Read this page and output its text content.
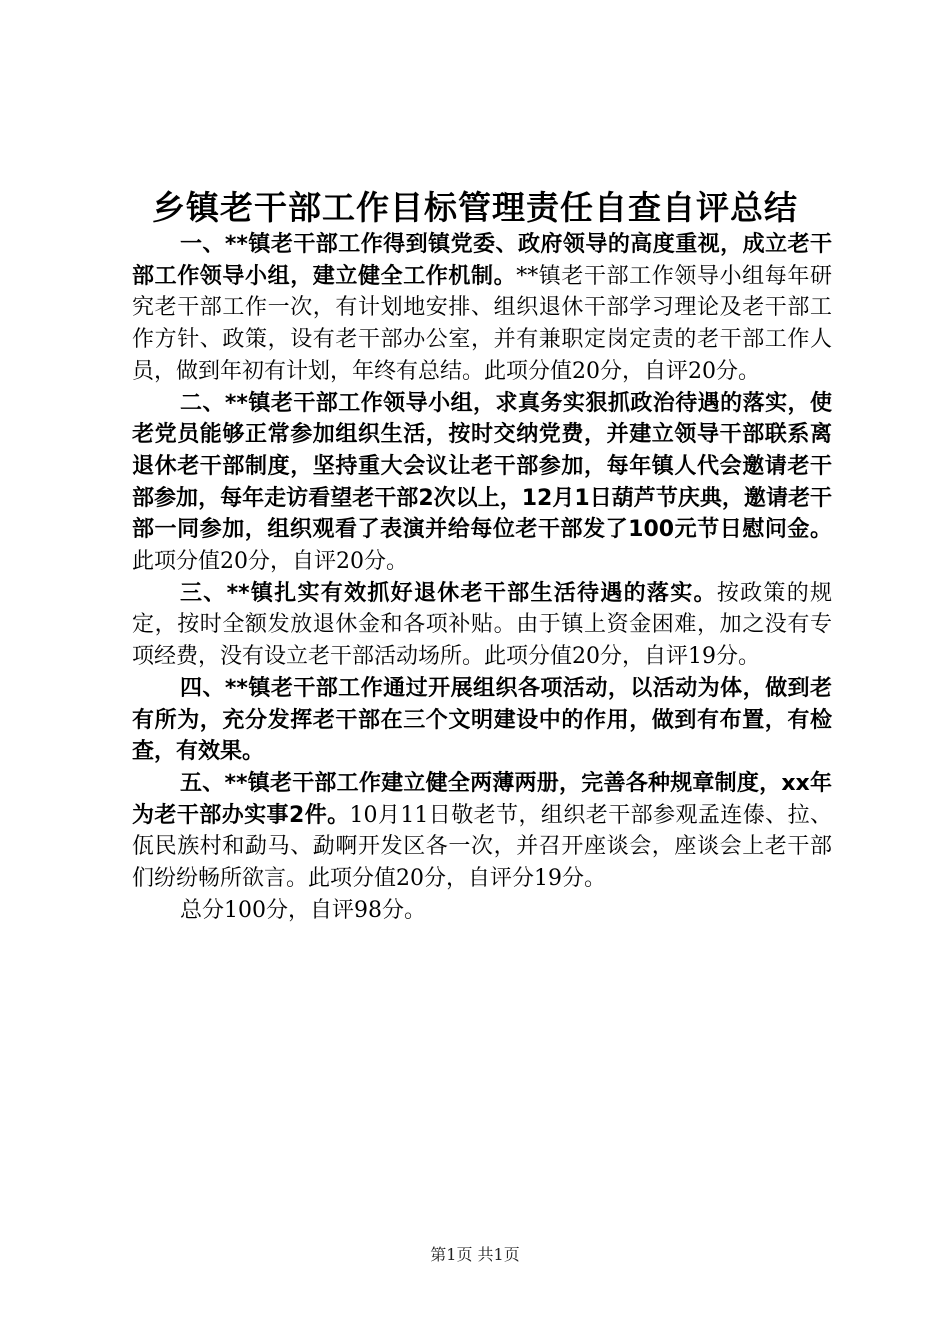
乡镇老干部工作目标管理责任自查自评总结

一、**镇老干部工作得到镇党委、政府领导的高度重视，成立老干部工作领导小组，建立健全工作机制。**镇老干部工作领导小组每年研究老干部工作一次，有计划地安排、组织退休干部学习理论及老干部工作方针、政策，设有老干部办公室，并有兼职定岗定责的老干部工作人员，做到年初有计划，年终有总结。此项分值20分，自评20分。

二、**镇老干部工作领导小组，求真务实狠抓政治待遇的落实，使老党员能够正常参加组织生活，按时交纳党费，并建立领导干部联系离退休老干部制度，坚持重大会议让老干部参加，每年镇人代会邀请老干部参加，每年走访看望老干部2次以上，12月1日葫芦节庆典，邀请老干部一同参加，组织观看了表演并给每位老干部发了100元节日慰问金。此项分值20分，自评20分。

三、**镇扎实有效抓好退休老干部生活待遇的落实。按政策的规定，按时全额发放退休金和各项补贴。由于镇上资金困难，加之没有专项经费，没有设立老干部活动场所。此项分值20分，自评19分。

四、**镇老干部工作通过开展组织各项活动，以活动为体，做到老有所为，充分发挥老干部在三个文明建设中的作用，做到有布置，有检查，有效果。

五、**镇老干部工作建立健全两薄两册，完善各种规章制度，xx年为老干部办实事2件。10月11日敬老节，组织老干部参观孟连傣、拉、佤民族村和勐马、勐啊开发区各一次，并召开座谈会，座谈会上老干部们纷纷畅所欲言。此项分值20分，自评分19分。

总分100分，自评98分。

第1页 共1页
